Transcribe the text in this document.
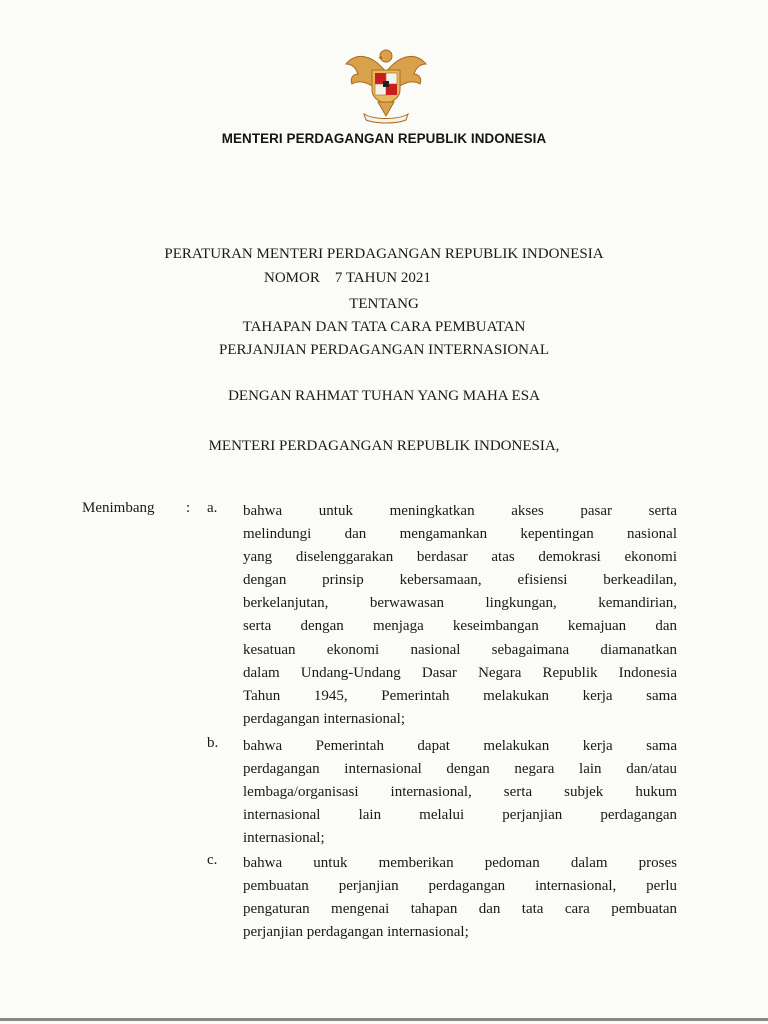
MENTERI PERDAGANGAN REPUBLIK INDONESIA
PERATURAN MENTERI PERDAGANGAN REPUBLIK INDONESIA
NOMOR 7 TAHUN 2021
TENTANG
TAHAPAN DAN TATA CARA PEMBUATAN
PERJANJIAN PERDAGANGAN INTERNASIONAL
DENGAN RAHMAT TUHAN YANG MAHA ESA
MENTERI PERDAGANGAN REPUBLIK INDONESIA,
Menimbang : a. bahwa untuk meningkatkan akses pasar serta
melindungi dan mengamankan kepentingan nasional
yang diselenggarakan berdasar atas demokrasi ekonomi
dengan prinsip kebersamaan, efisiensi berkeadilan,
berkelanjutan, berwawasan lingkungan, kemandirian,
serta dengan menjaga keseimbangan kemajuan dan
kesatuan ekonomi nasional sebagaimana diamanatkan
dalam Undang-Undang Dasar Negara Republik Indonesia
Tahun 1945, Pemerintah melakukan kerja sama
perdagangan internasional;
b. bahwa Pemerintah dapat melakukan kerja sama
perdagangan internasional dengan negara lain dan/atau
lembaga/organisasi internasional, serta subjek hukum
internasional lain melalui perjanjian perdagangan
internasional;
c. bahwa untuk memberikan pedoman dalam proses
pembuatan perjanjian perdagangan internasional, perlu
pengaturan mengenai tahapan dan tata cara pembuatan
perjanjian perdagangan internasional;
